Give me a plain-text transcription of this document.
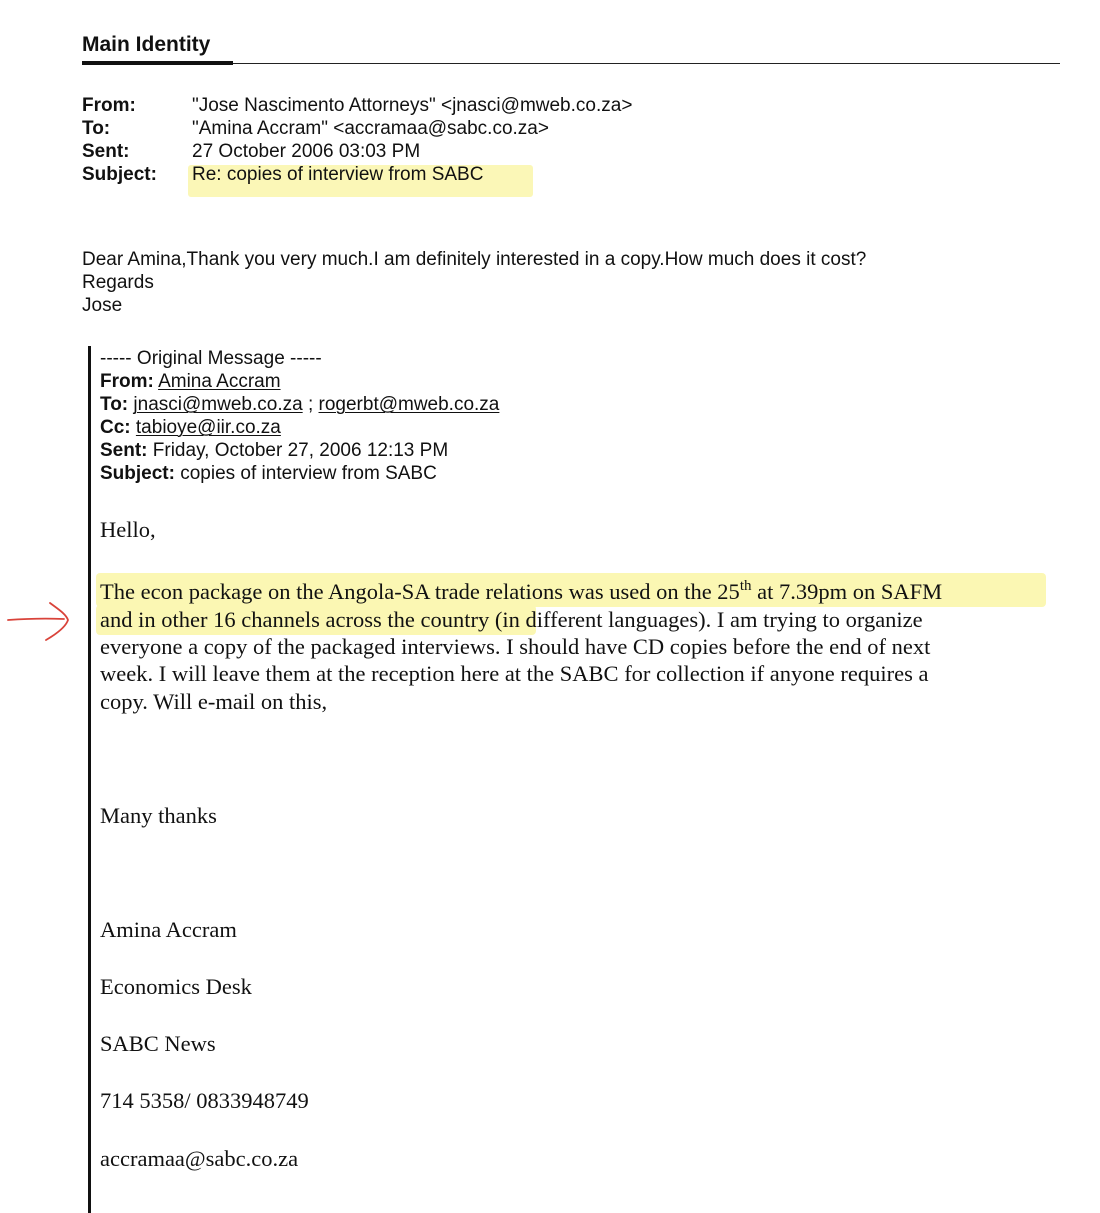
Main Identity
From:	"Jose Nascimento Attorneys" <jnasci@mweb.co.za>
To:	"Amina Accram" <accramaa@sabc.co.za>
Sent:	27 October 2006 03:03 PM
Subject: Re: copies of interview from SABC
Dear Amina,Thank you very much.I am definitely interested in a copy.How much does it cost?
Regards
Jose
----- Original Message -----
From: Amina Accram
To: jnasci@mweb.co.za ; rogerbt@mweb.co.za
Cc: tabioye@iir.co.za
Sent: Friday, October 27, 2006 12:13 PM
Subject: copies of interview from SABC
Hello,
The econ package on the Angola-SA trade relations was used on the 25th at 7.39pm on SAFM
and in other 16 channels across the country (in different languages). I am trying to organize
everyone a copy of the packaged interviews. I should have CD copies before the end of next
week. I will leave them at the reception here at the SABC for collection if anyone requires a
copy. Will e-mail on this,
Many thanks
Amina Accram
Economics Desk
SABC News
714 5358/ 0833948749
accramaa@sabc.co.za
